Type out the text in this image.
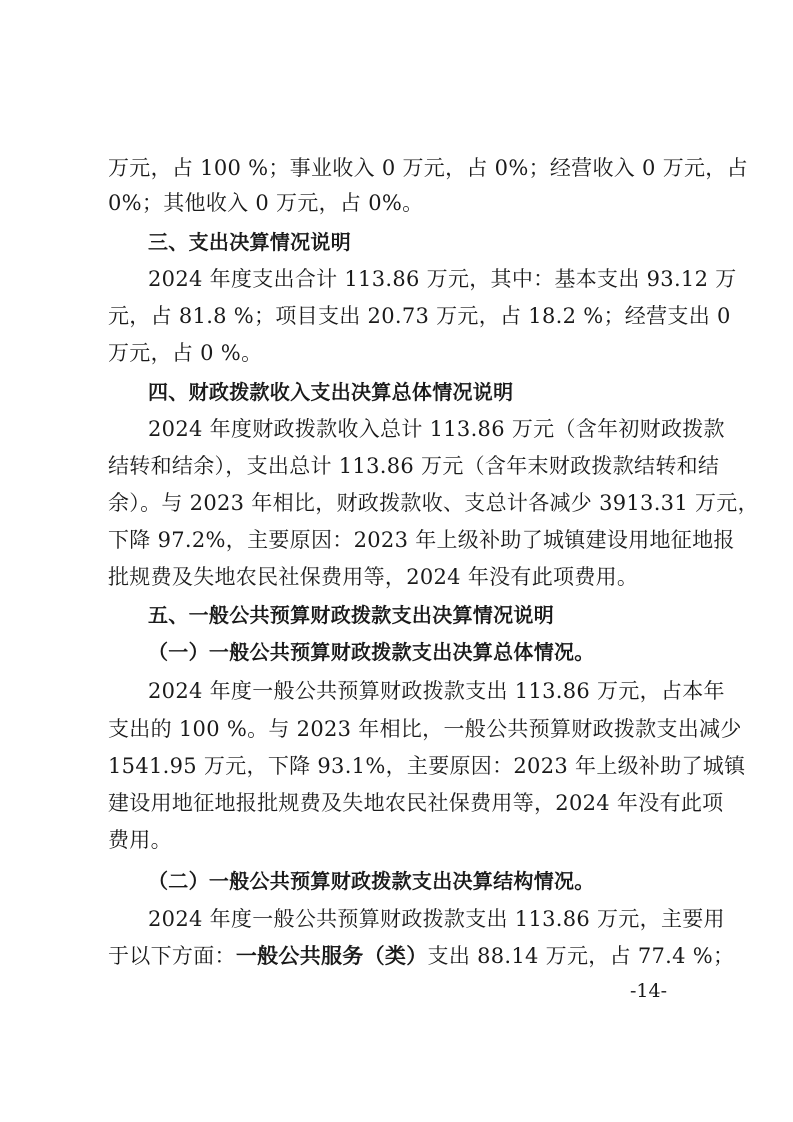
万元，占 100 %；事业收入 0 万元，占 0%；经营收入 0 万元，占
0%；其他收入 0 万元，占 0%。
三、支出决算情况说明
2024 年度支出合计 113.86 万元，其中：基本支出 93.12 万
元，占 81.8 %；项目支出 20.73 万元，占 18.2 %；经营支出 0
万元，占 0 %。
四、财政拨款收入支出决算总体情况说明
2024 年度财政拨款收入总计 113.86 万元（含年初财政拨款
结转和结余），支出总计 113.86 万元（含年末财政拨款结转和结
余）。与 2023 年相比，财政拨款收、支总计各减少 3913.31 万元，
下降 97.2%，主要原因：2023 年上级补助了城镇建设用地征地报
批规费及失地农民社保费用等，2024 年没有此项费用。
五、一般公共预算财政拨款支出决算情况说明
（一）一般公共预算财政拨款支出决算总体情况。
2024 年度一般公共预算财政拨款支出 113.86 万元，占本年
支出的 100 %。与 2023 年相比，一般公共预算财政拨款支出减少
1541.95 万元，下降 93.1%，主要原因：2023 年上级补助了城镇
建设用地征地报批规费及失地农民社保费用等，2024 年没有此项
费用。
（二）一般公共预算财政拨款支出决算结构情况。
2024 年度一般公共预算财政拨款支出 113.86 万元，主要用
于以下方面：一般公共服务（类）支出 88.14 万元，占 77.4 %；
-14-
